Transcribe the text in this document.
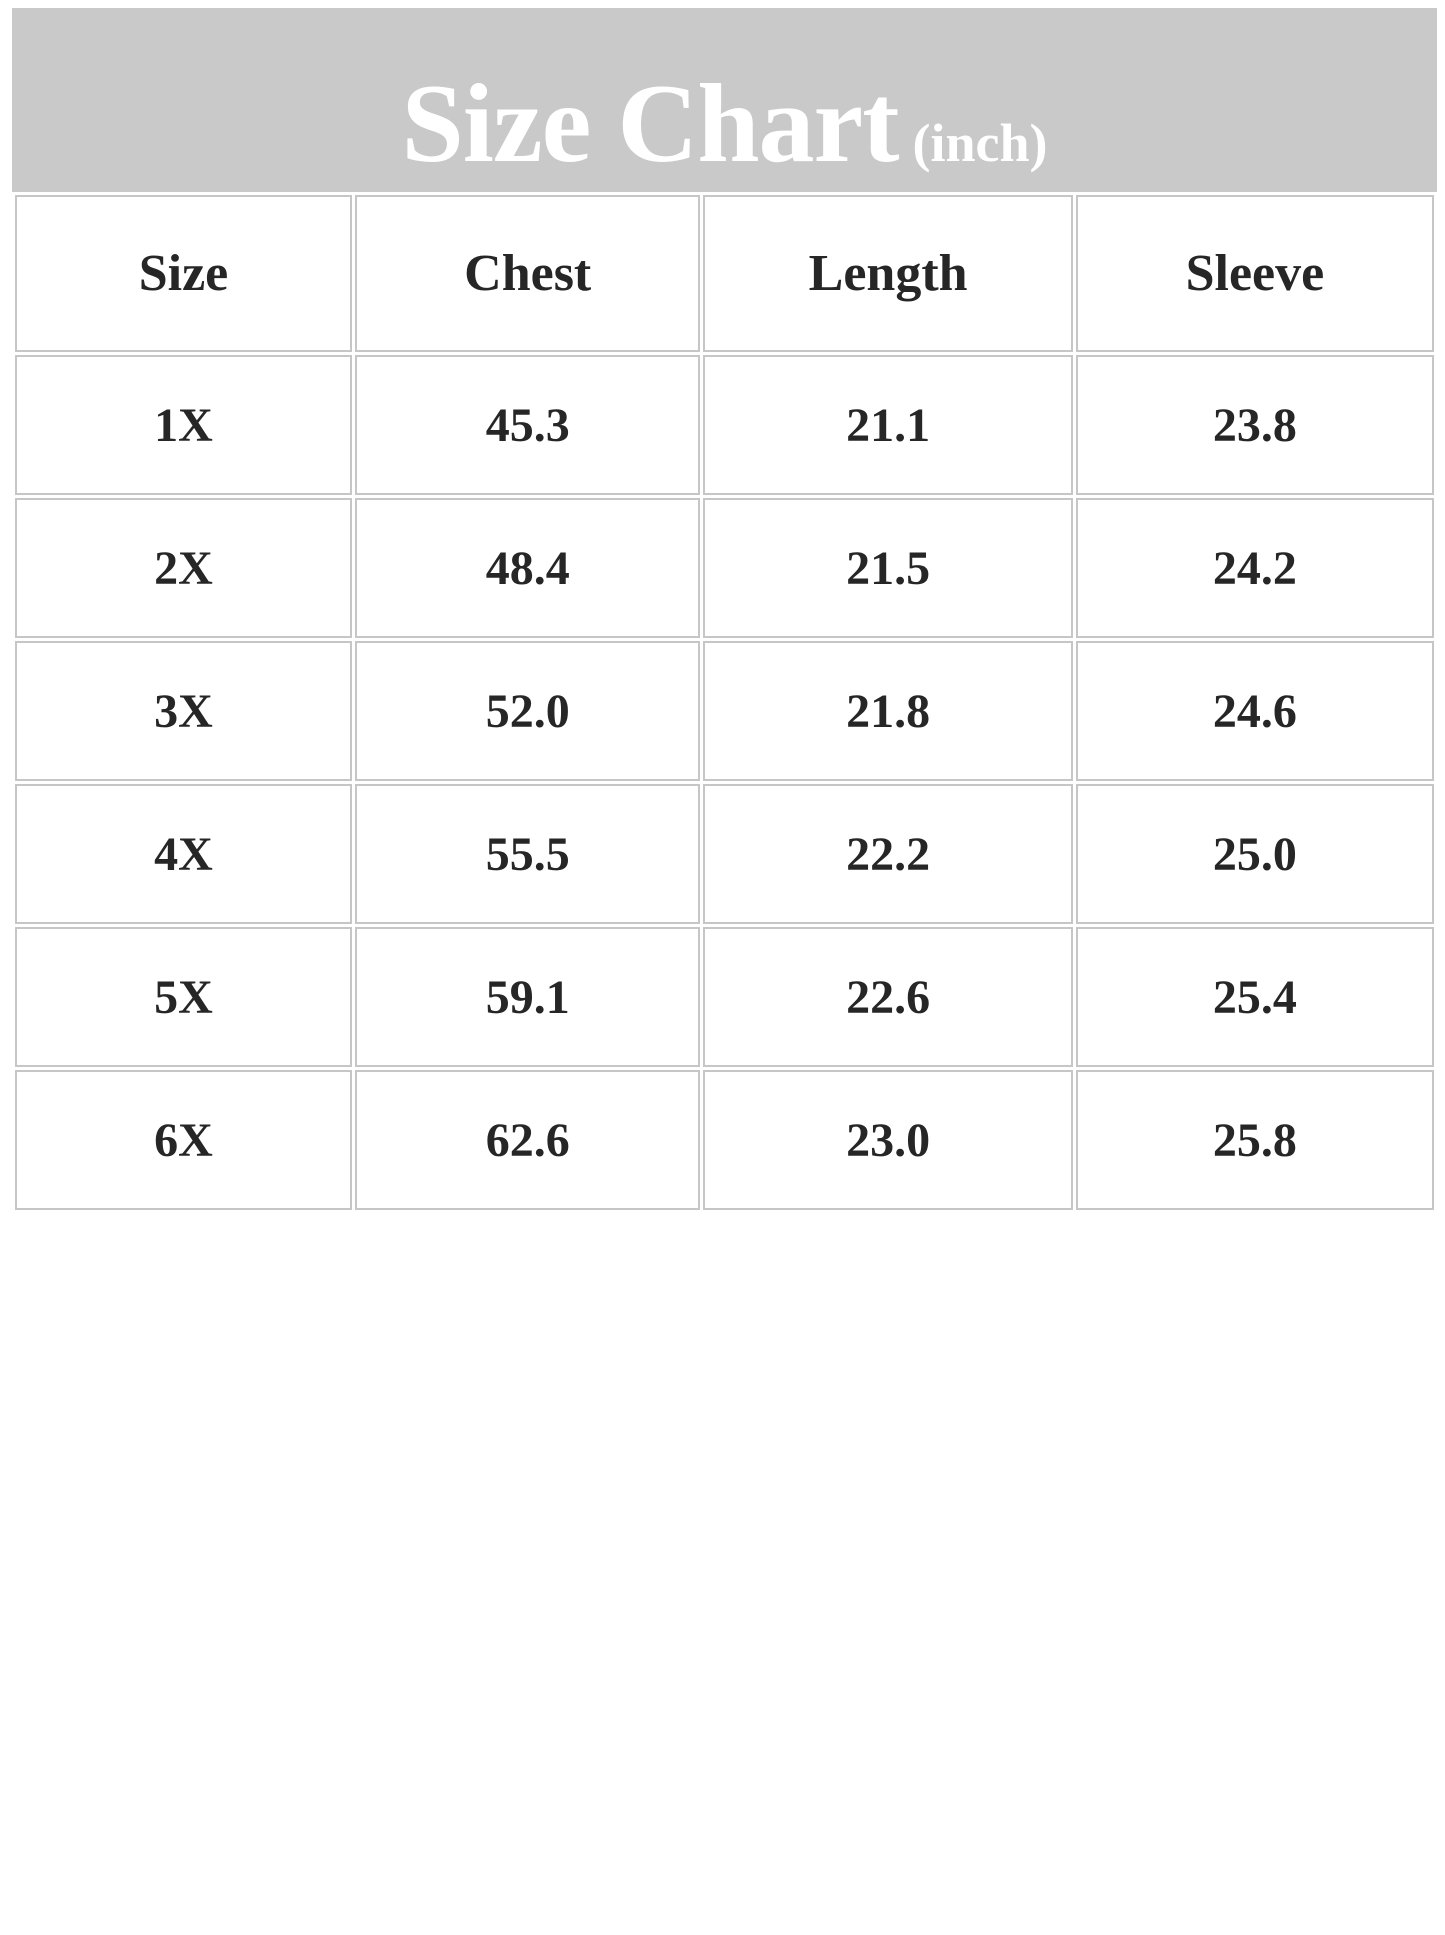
Size Chart (inch)
Size	Chest	Length	Sleeve
1X	45.3	21.1	23.8
2X	48.4	21.5	24.2
3X	52.0	21.8	24.6
4X	55.5	22.2	25.0
5X	59.1	22.6	25.4
6X	62.6	23.0	25.8
